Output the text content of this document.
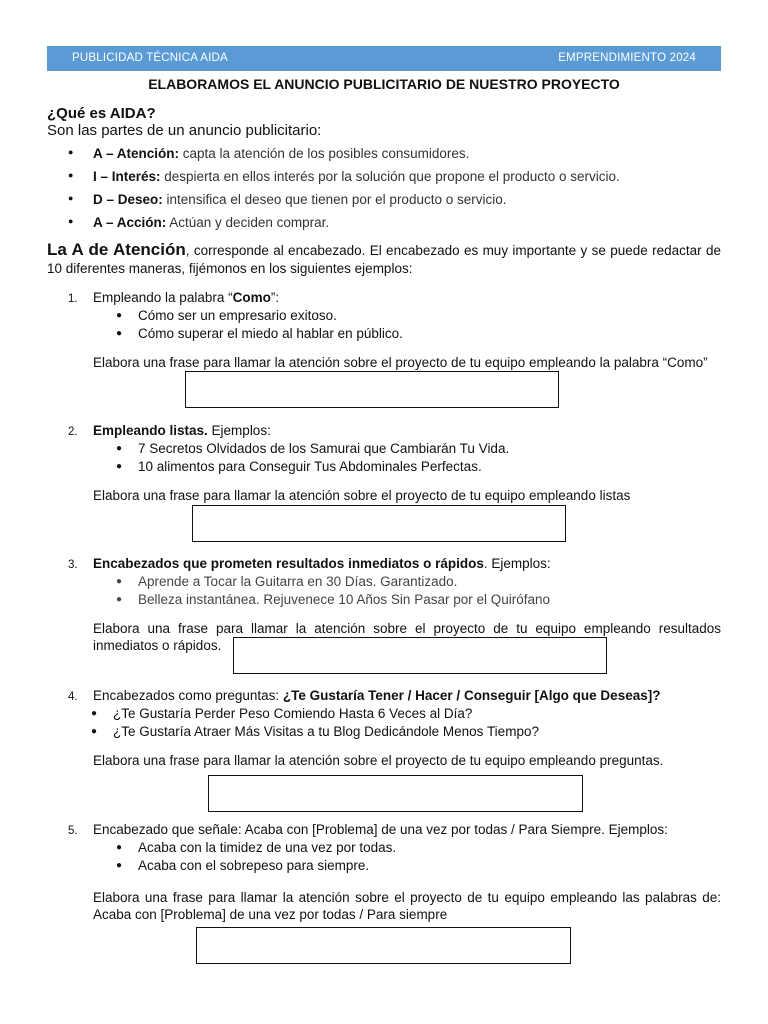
PUBLICIDAD TÉCNICA AIDA	EMPRENDIMIENTO 2024
ELABORAMOS EL ANUNCIO PUBLICITARIO DE NUESTRO PROYECTO
¿Qué es AIDA?
Son las partes de un anuncio publicitario:
● A – Atención: capta la atención de los posibles consumidores.
● I – Interés: despierta en ellos interés por la solución que propone el producto o servicio.
● D – Deseo: intensifica el deseo que tienen por el producto o servicio.
● A – Acción: Actúan y deciden comprar.
La A de Atención, corresponde al encabezado. El encabezado es muy importante y se puede redactar de 10 diferentes maneras, fijémonos en los siguientes ejemplos:
1. Empleando la palabra “Como”:
● Cómo ser un empresario exitoso.
● Cómo superar el miedo al hablar en público.
Elabora una frase para llamar la atención sobre el proyecto de tu equipo empleando la palabra “Como”
2. Empleando listas. Ejemplos:
● 7 Secretos Olvidados de los Samurai que Cambiarán Tu Vida.
● 10 alimentos para Conseguir Tus Abdominales Perfectas.
Elabora una frase para llamar la atención sobre el proyecto de tu equipo empleando listas
3. Encabezados que prometen resultados inmediatos o rápidos. Ejemplos:
● Aprende a Tocar la Guitarra en 30 Días. Garantizado.
● Belleza instantánea. Rejuvenece 10 Años Sin Pasar por el Quirófano
Elabora una frase para llamar la atención sobre el proyecto de tu equipo empleando resultados inmediatos o rápidos.
4. Encabezados como preguntas: ¿Te Gustaría Tener / Hacer / Conseguir [Algo que Deseas]?
● ¿Te Gustaría Perder Peso Comiendo Hasta 6 Veces al Día?
● ¿Te Gustaría Atraer Más Visitas a tu Blog Dedicándole Menos Tiempo?
Elabora una frase para llamar la atención sobre el proyecto de tu equipo empleando preguntas.
5. Encabezado que señale: Acaba con [Problema] de una vez por todas / Para Siempre. Ejemplos:
● Acaba con la timidez de una vez por todas.
● Acaba con el sobrepeso para siempre.
Elabora una frase para llamar la atención sobre el proyecto de tu equipo empleando las palabras de: Acaba con [Problema] de una vez por todas / Para siempre
